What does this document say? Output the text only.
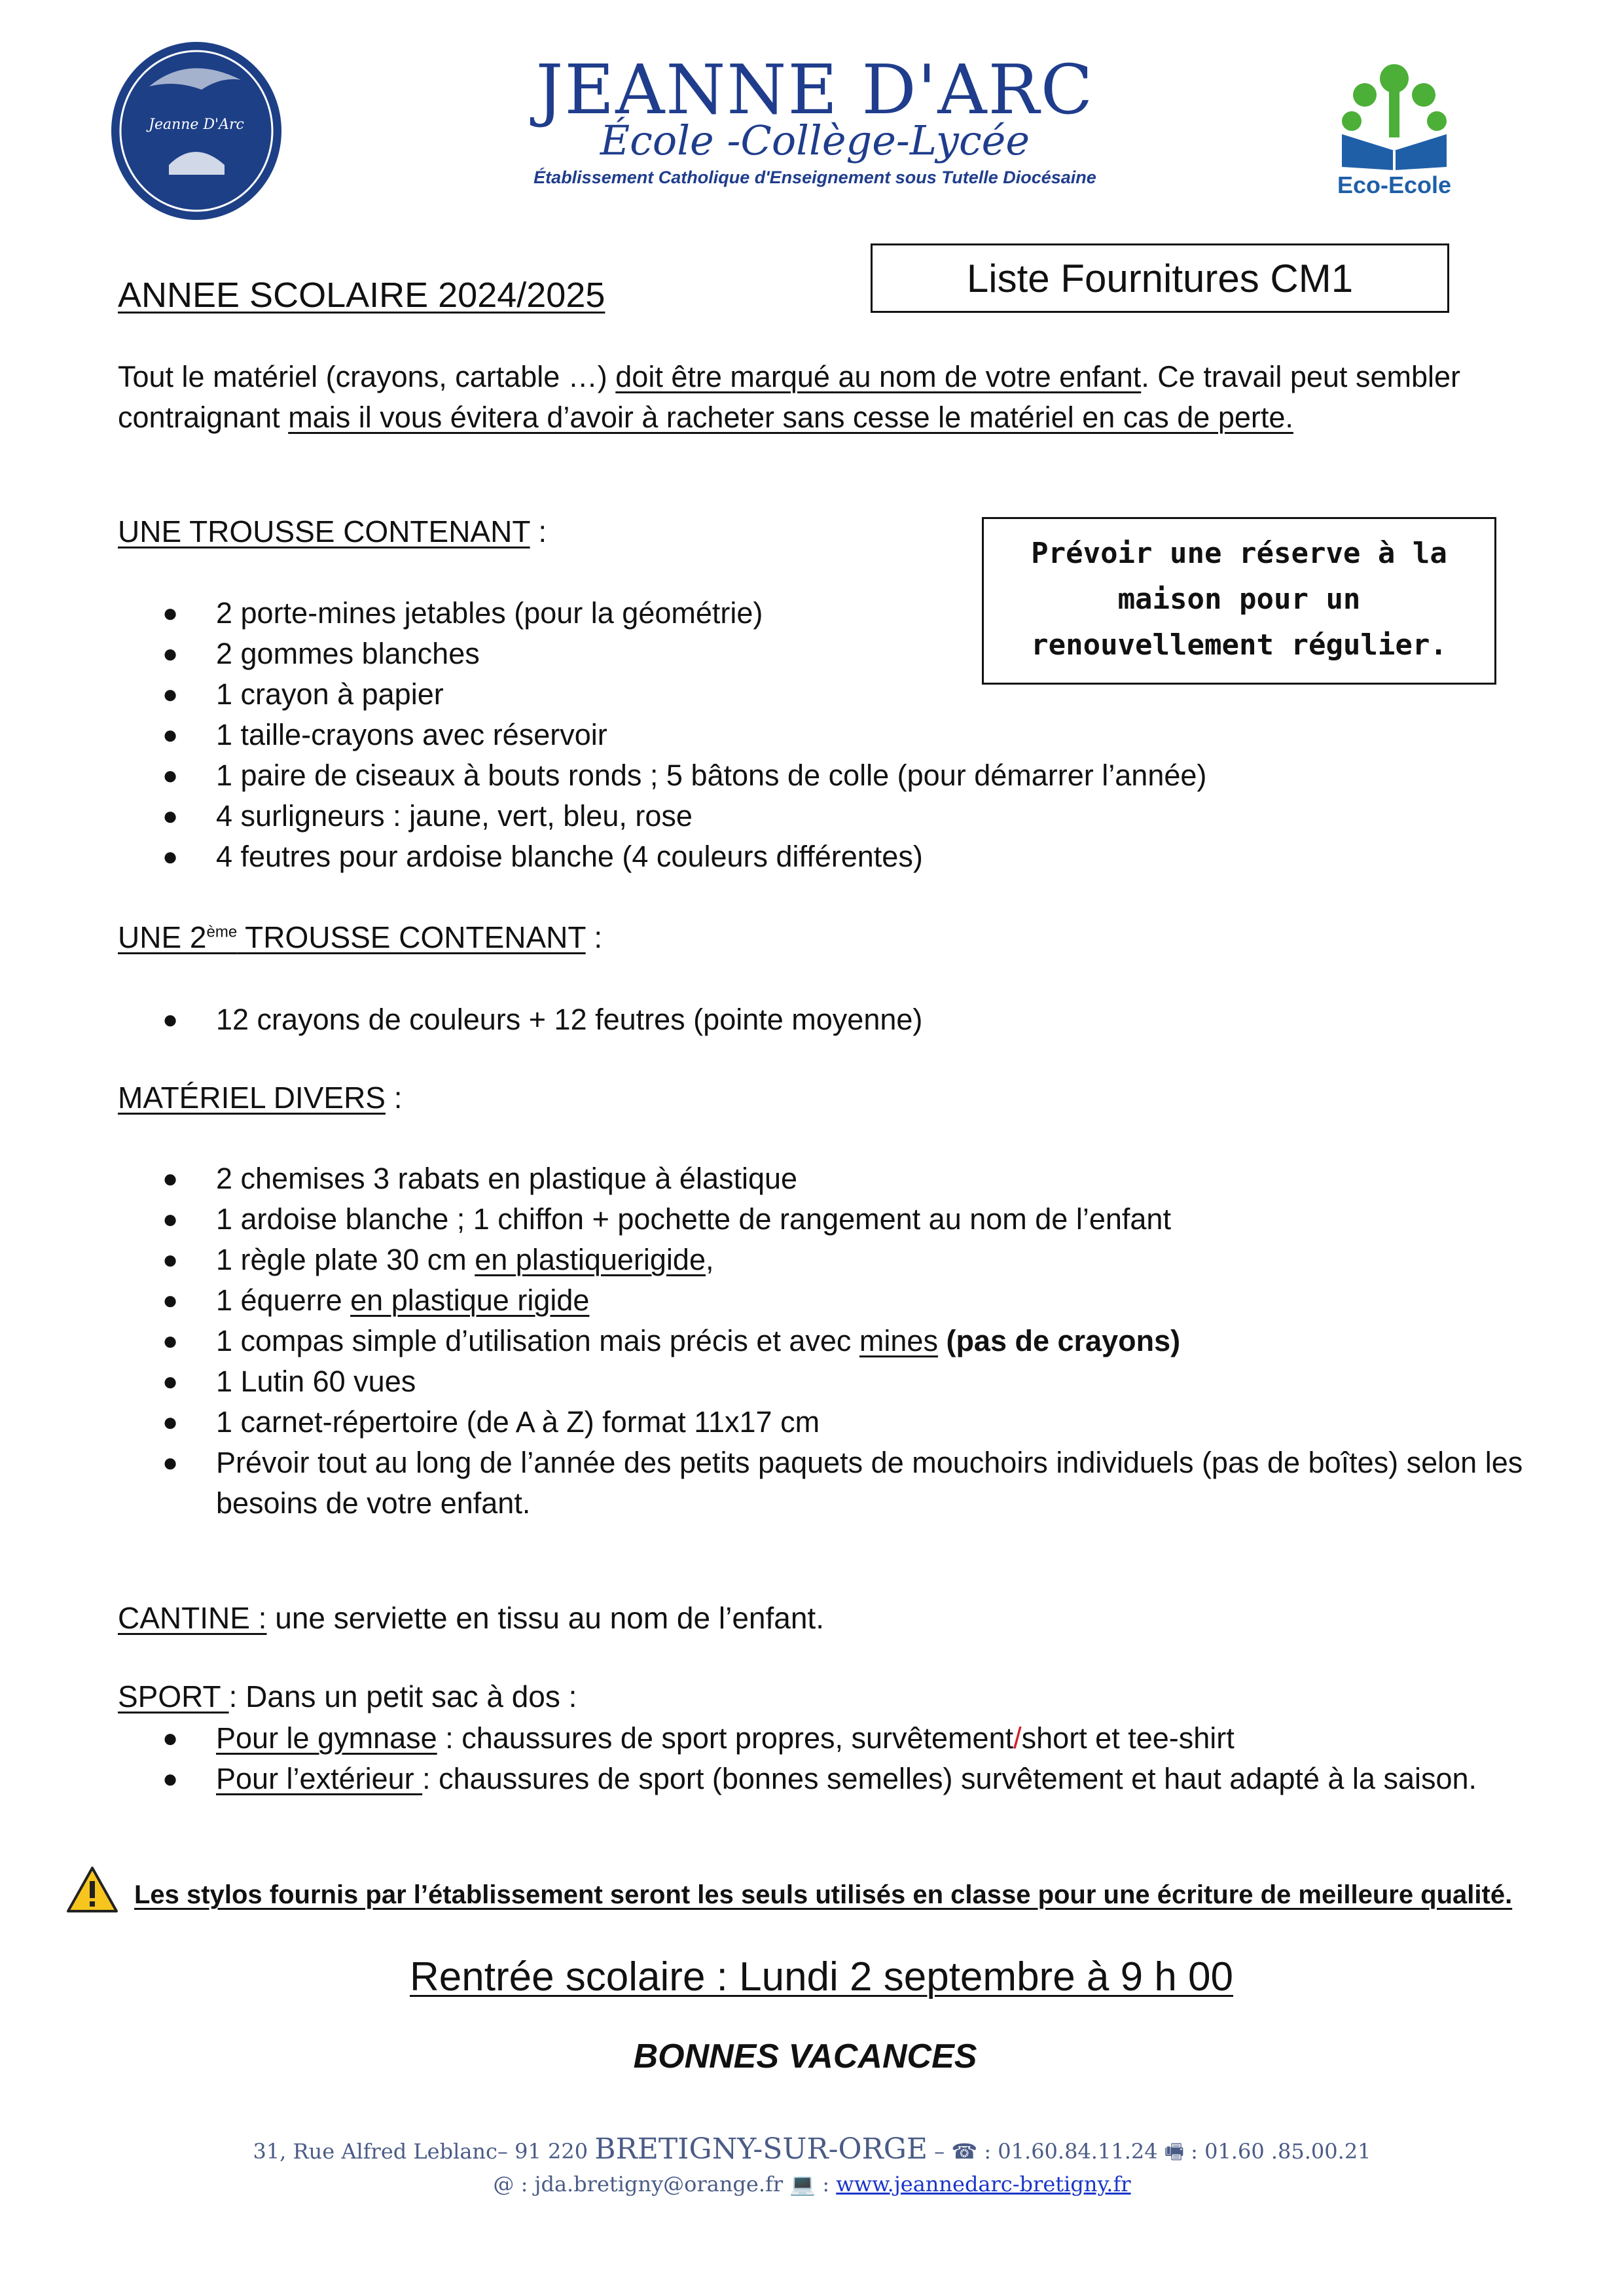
Jeanne D'Arc	JEANNE D'ARC
École -Collège-Lycée
Établissement Catholique d'Enseignement sous Tutelle Diocésaine	Eco-Ecole
ANNEE SCOLAIRE 2024/2025	Liste Fournitures CM1
Tout le matériel (crayons, cartable …) doit être marqué au nom de votre enfant. Ce travail peut sembler contraignant mais il vous évitera d’avoir à racheter sans cesse le matériel en cas de perte.
Prévoir une réserve à la
maison pour un
renouvellement régulier.
UNE TROUSSE CONTENANT :
● 2 porte-mines jetables (pour la géométrie)
● 2 gommes blanches
● 1 crayon à papier
● 1 taille-crayons avec réservoir
● 1 paire de ciseaux à bouts ronds ; 5 bâtons de colle (pour démarrer l’année)
● 4 surligneurs : jaune, vert, bleu, rose
● 4 feutres pour ardoise blanche (4 couleurs différentes)
UNE 2ème TROUSSE CONTENANT :
● 12 crayons de couleurs + 12 feutres (pointe moyenne)
MATÉRIEL DIVERS :
● 2 chemises 3 rabats en plastique à élastique
● 1 ardoise blanche ; 1 chiffon + pochette de rangement au nom de l’enfant
● 1 règle plate 30 cm en plastiquerigide,
● 1 équerre en plastique rigide
● 1 compas simple d’utilisation mais précis et avec mines (pas de crayons)
● 1 Lutin 60 vues
● 1 carnet-répertoire (de A à Z) format 11x17 cm
● Prévoir tout au long de l’année des petits paquets de mouchoirs individuels (pas de boîtes) selon les besoins de votre enfant.
CANTINE : une serviette en tissu au nom de l’enfant.
SPORT : Dans un petit sac à dos :
● Pour le gymnase : chaussures de sport propres, survêtement/short et tee-shirt
● Pour l’extérieur : chaussures de sport (bonnes semelles) survêtement et haut adapté à la saison.
Les stylos fournis par l’établissement seront les seuls utilisés en classe pour une écriture de meilleure qualité.
Rentrée scolaire : Lundi 2 septembre à 9 h 00
BONNES VACANCES
31, Rue Alfred Leblanc– 91 220 BRETIGNY-SUR-ORGE – ☎ : 01.60.84.11.24 🖷 : 01.60 .85.00.21
@ : jda.bretigny@orange.fr 💻 : www.jeannedarc-bretigny.fr
